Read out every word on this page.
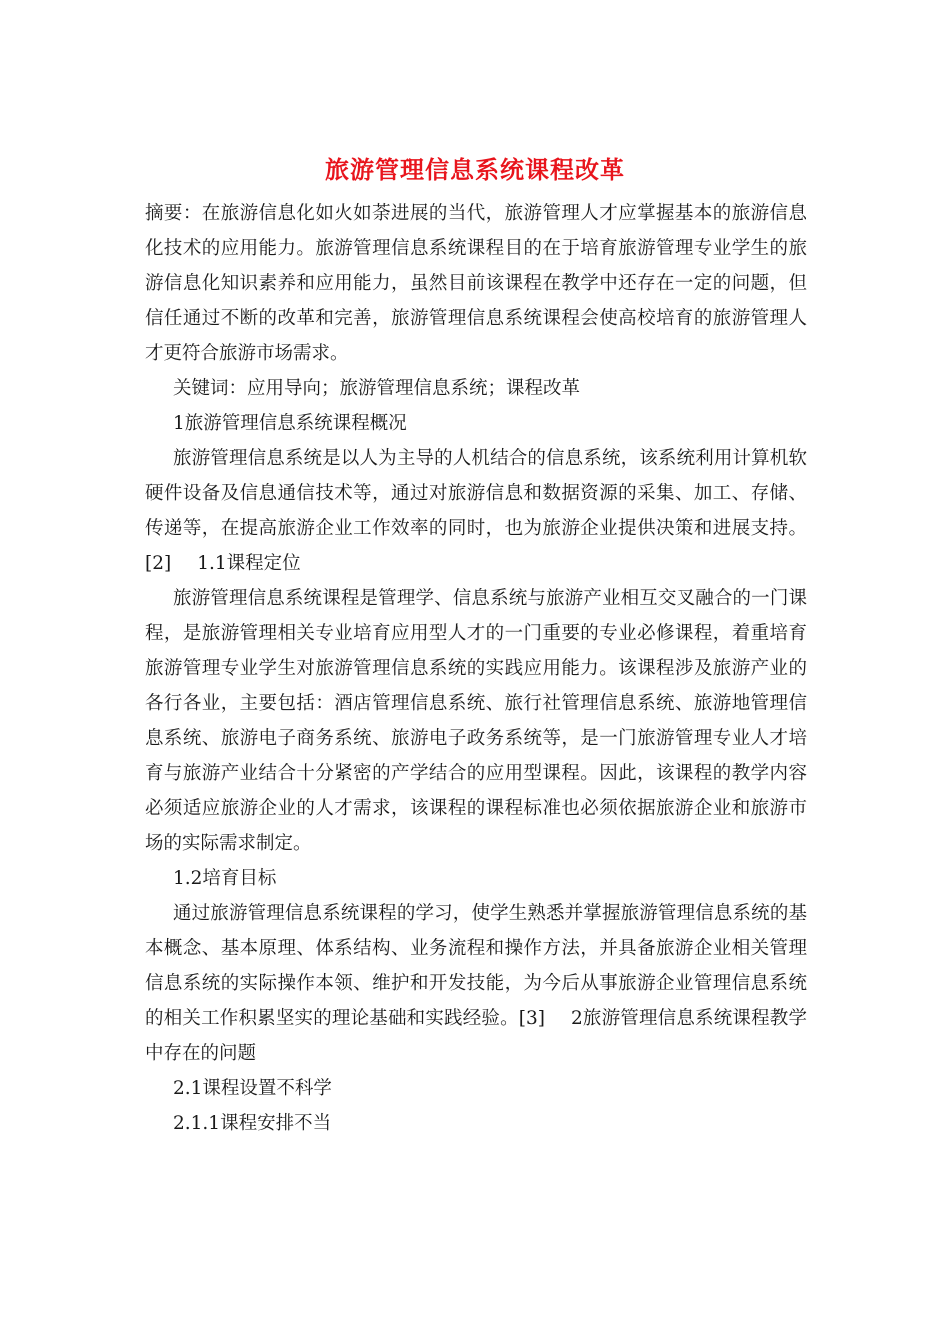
旅游管理信息系统课程改革

摘要：在旅游信息化如火如荼进展的当代，旅游管理人才应掌握基本的旅游信息化技术的应用能力。旅游管理信息系统课程目的在于培育旅游管理专业学生的旅游信息化知识素养和应用能力，虽然目前该课程在教学中还存在一定的问题，但信任通过不断的改革和完善，旅游管理信息系统课程会使高校培育的旅游管理人才更符合旅游市场需求。

关键词：应用导向；旅游管理信息系统；课程改革

1旅游管理信息系统课程概况

旅游管理信息系统是以人为主导的人机结合的信息系统，该系统利用计算机软硬件设备及信息通信技术等，通过对旅游信息和数据资源的采集、加工、存储、传递等，在提高旅游企业工作效率的同时，也为旅游企业提供决策和进展支持。[2] 1.1课程定位

旅游管理信息系统课程是管理学、信息系统与旅游产业相互交叉融合的一门课程，是旅游管理相关专业培育应用型人才的一门重要的专业必修课程，着重培育旅游管理专业学生对旅游管理信息系统的实践应用能力。该课程涉及旅游产业的各行各业，主要包括：酒店管理信息系统、旅行社管理信息系统、旅游地管理信息系统、旅游电子商务系统、旅游电子政务系统等，是一门旅游管理专业人才培育与旅游产业结合十分紧密的产学结合的应用型课程。因此，该课程的教学内容必须适应旅游企业的人才需求，该课程的课程标准也必须依据旅游企业和旅游市场的实际需求制定。

1.2培育目标

通过旅游管理信息系统课程的学习，使学生熟悉并掌握旅游管理信息系统的基本概念、基本原理、体系结构、业务流程和操作方法，并具备旅游企业相关管理信息系统的实际操作本领、维护和开发技能，为今后从事旅游企业管理信息系统的相关工作积累坚实的理论基础和实践经验。[3] 2旅游管理信息系统课程教学中存在的问题

2.1课程设置不科学

2.1.1课程安排不当
